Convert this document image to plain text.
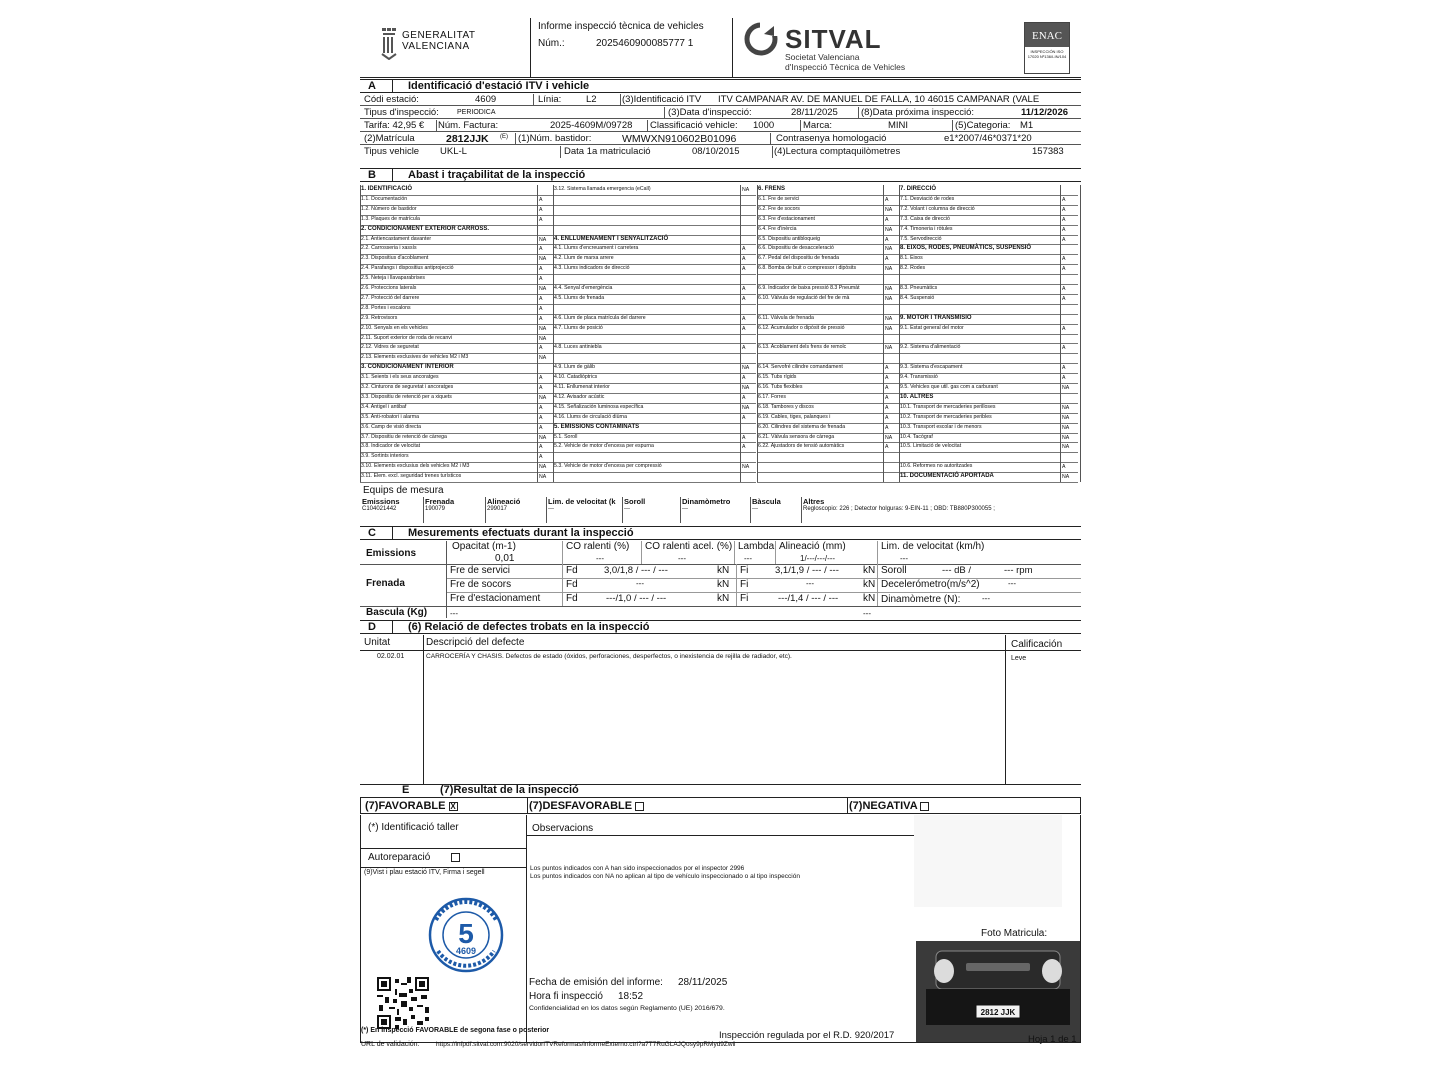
GENERALITAT
VALENCIANA
Informe inspecció tècnica de vehicles
Núm.:	2025460900085777 1	SITVAL
Societat Valenciana
d'Inspecció Tècnica de Vehicles
ENAC
INSPECCIÓN ISO 17020 Nº136/I-IN/104
A	Identificació d'estació ITV i vehicle
Códi estació:	4609	Línia:	L2	(3)Identificació ITV ITV CAMPANAR AV. DE MANUEL DE FALLA, 10 46015 CAMPANAR (VALE
Tipus d'inspecció:	PERIODICA	(3)Data d'inspecció:	28/11/2025 (8)Data próxima inspecció:	11/12/2026
Tarifa: 42,95 € Núm. Factura:	2025-4609M/09728 Classificació vehicle: 1000	Marca:	MINI	(5)Categoria: M1
(2)Matrícula	2812JJK (E) (1)Núm. bastidor:	WMWXN910602B01096	Contrasenya homologació	e1*2007/46*0371*20
Tipus vehicle UKL-L	Data 1a matriculació	08/10/2015	(4)Lectura comptaquilòmetres	157383
B	Abast i traçabilitat de la inspecció
1. IDENTIFICACIÓ
1.1. Documentación	A
1.2. Número de bastidor	A
1.3. Plaques de matrícula	A
2. CONDICIONAMENT EXTERIOR CARROSS.
2.1. Antiencastament davanter	NA
2.2. Carrosseria i xassís	A
2.3. Dispositius d'acoblament	NA
2.4. Parafangs i dispositius antiprojecció	A
2.5. Neteja i llavaparabrises	A
2.6. Proteccions laterals	NA
2.7. Protecció del darrere	A
2.8. Portes i escalons	A
2.9. Retrovisors	A
2.10. Senyals en els vehicles	NA
2.11. Suport exterior de roda de recanvi	NA
2.12. Vidres de seguretat	A
2.13. Elements exclusives de vehicles M2 i M3	NA
3. CONDICIONAMENT INTERIOR
3.1. Seients i els seus ancoratges	A
3.2. Cinturons de seguretat i ancoratges	A
3.3. Dispositiu de retenció per a xiquets	NA
3.4. Antigel i antibaf	A
3.5. Anti-robatori i alarma	A
3.6. Camp de visió directa	A
3.7. Dispositiu de retenció de càrrega	NA
3.8. Indicador de velocitat	A
3.9. Sortints interiors	A
3.10. Elements exclusius dels vehicles M2 i M3	NA
3.11. Elem. excl. seguridad trenes turísticos	NA
3.12. Sistema llamada emergencia (eCall)	NA
4. ENLLUMENAMENT I SENYALITZACIÓ
4.1. Llums d'encreuament i carretera	A
4.2. Llum de marxa arrere	A
4.3. Llums indicadors de direcció	A
4.4. Senyal d'emergència	A
4.5. Llums de frenada	A
4.6. Llum de placa matrícula del darrere	A
4.7. Llums de posició	A
4.8. Luces antiniebla	A
4.9. Llum de gàlib	NA
4.10. Catadiòptrics	A
4.11. Enllumenat interior	NA
4.12. Avisador acústic	A
4.15. Señalización luminosa específica	NA
4.16. Llums de circulació diürna	A
5. EMISSIONS CONTAMINATS
5.1. Soroll	A
5.2. Vehicle de motor d'encesa per espurna	A
5.3. Vehicle de motor d'encesa per compressió	NA
6. FRENS
6.1. Fre de servici	A
6.2. Fre de socors	NA
6.3. Fre d'estacionament	A
6.4. Fre d'inèrcia	NA
6.5. Dispositiu antibloqueig	A
6.6. Dispositiu de desacceleració	NA
6.7. Pedal del dispositiu de frenada	A
6.8. Bomba de buit o compressor i dipòsits	NA
6.9. Indicador de baixa pressió 8.3 Pneumàt	NA
6.10. Vàlvula de regulació del fre de mà	NA
6.11. Vàlvula de frenada	NA
6.12. Acumulador o dipòsit de pressió	NA
6.13. Acoblament dels frens de remolc	NA
6.14. Servofré cilindre comandament	A
6.15. Tubs rígids	A
6.16. Tubs flexibles	A
6.17. Forres	A
6.18. Tambores y discos	A
6.19. Cables, tiges, palanques i	A
6.20. Cilindres del sistema de frenada	A
6.21. Vàlvula sensora de càrrega	NA
6.22. Ajustadors de tensió automàtics	A
7. DIRECCIÓ
7.1. Desviació de rodes	A
7.2. Volant i columna de direcció	A
7.3. Caixa de direcció	A
7.4. Timoneria i ròtules	A
7.5. Servodirecció	A
8. EIXOS, RODES, PNEUMÀTICS, SUSPENSIÓ
8.1. Eixos	A
8.2. Rodes	A
8.3. Pneumàtics	A
8.4. Suspensió	A
9. MOTOR I TRANSMISIO
9.1. Estat general del motor	A
9.2. Sistema d'alimentació	A
9.3. Sistema d'escapament	A
9.4. Transmissió	A
9.5. Vehicles que util. gas com a carburant	NA
10. ALTRES
10.1. Transport de mercaderies perilloses	NA
10.2. Transport de mercaderies peribles	NA
10.3. Transport escolar i de menors	NA
10.4. Tacògraf	NA
10.5. Limitació de velocitat	NA
10.6. Reformes no autoritzades	A
11. DOCUMENTACIÓ APORTADA	NA
Equips de mesura
Emissions
C104021442
Frenada
190079
Alineació
299017
Lim. de velocitat (k
---
Soroll
---
Dinamòmetro
---
Bàscula
---
Altres
Regloscopio: 226 ; Detector holguras: 9-EIN-11 ; OBD: TB880P300055 ;
C	Mesurements efectuats durant la inspecció
Emissions
Opacitat (m-1)
0,01
CO ralenti (%)
---
CO ralenti acel. (%)
---
Lambda
---
Alineació (mm)
1/---/---/---
Lim. de velocitat (km/h)
---
Frenada
Fre de servici	Fd	3,0/1,8 / --- / ---	kN Fi	3,1/1,9 / --- / --- kN
Fre de socors	Fd	---	kN Fi	---	kN
Fre d'estacionament	Fd	---/1,0 / --- / ---	kN Fi	---/1,4 / --- / --- kN
Soroll	--- dB /	--- rpm
Decelerómetro(m/s^2)	---
Dinamòmetre (N):	---
Bascula (Kg)	---	---
D	(6) Relació de defectes trobats en la inspecció
Unitat	Descripció del defecte	Calificación
02.02.01	CARROCERÍA Y CHASIS. Defectos de estado (óxidos, perforaciones, desperfectos, o inexistencia de rejilla de radiador, etc).	Leve
E	(7)Resultat de la inspecció
(7)FAVORABLE X	(7)DESFAVORABLE	(7)NEGATIVA
(*) Identificació taller
Autoreparació
(9)Vist i plau estació ITV, Firma i segell
5
4609
Observacions
Los puntos indicados con A han sido inspeccionados por el inspector 2996
Los puntos indicados con NA no aplican al tipo de vehículo inspeccionado o al tipo inspección
Foto Matricula:
2812 JJK
Fecha de emisión del informe: 28/11/2025
Hora fi inspecció 18:52
Confidencialidad en los datos según Reglamento (UE) 2016/679.
(*) En inspecció FAVORABLE de segona fase o posterior	Inspección regulada por el R.D. 920/2017	Hoja 1 de 1
URL de validación:	https://infpdf.sitval.com:9020/servidorITVReformas/informeExterno.ctrl?a7T7RuGLAJQosy9pRMyd9Zwii
